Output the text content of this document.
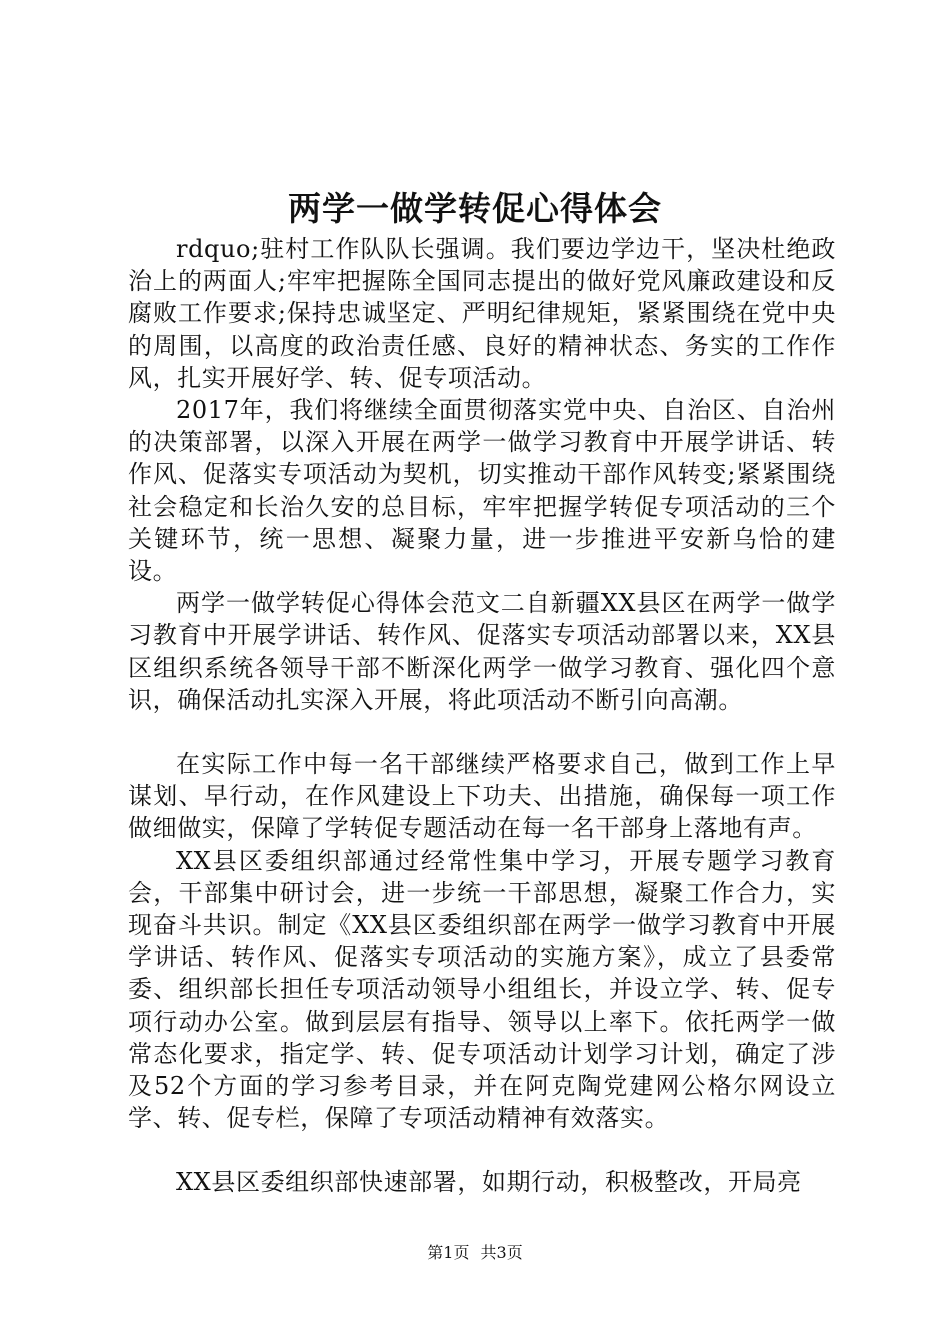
两学一做学转促心得体会

rdquo;驻村工作队队长强调。我们要边学边干，坚决杜绝政治上的两面人;牢牢把握陈全国同志提出的做好党风廉政建设和反腐败工作要求;保持忠诚坚定、严明纪律规矩，紧紧围绕在党中央的周围，以高度的政治责任感、良好的精神状态、务实的工作作风，扎实开展好学、转、促专项活动。

2017年，我们将继续全面贯彻落实党中央、自治区、自治州的决策部署，以深入开展在两学一做学习教育中开展学讲话、转作风、促落实专项活动为契机，切实推动干部作风转变;紧紧围绕社会稳定和长治久安的总目标，牢牢把握学转促专项活动的三个关键环节，统一思想、凝聚力量，进一步推进平安新乌恰的建设。

两学一做学转促心得体会范文二自新疆XX县区在两学一做学习教育中开展学讲话、转作风、促落实专项活动部署以来，XX县区组织系统各领导干部不断深化两学一做学习教育、强化四个意识，确保活动扎实深入开展，将此项活动不断引向高潮。

在实际工作中每一名干部继续严格要求自己，做到工作上早谋划、早行动，在作风建设上下功夫、出措施，确保每一项工作做细做实，保障了学转促专题活动在每一名干部身上落地有声。

XX县区委组织部通过经常性集中学习，开展专题学习教育会，干部集中研讨会，进一步统一干部思想，凝聚工作合力，实现奋斗共识。制定《XX县区委组织部在两学一做学习教育中开展学讲话、转作风、促落实专项活动的实施方案》，成立了县委常委、组织部长担任专项活动领导小组组长，并设立学、转、促专项行动办公室。做到层层有指导、领导以上率下。依托两学一做常态化要求，指定学、转、促专项活动计划学习计划，确定了涉及52个方面的学习参考目录，并在阿克陶党建网公格尔网设立学、转、促专栏，保障了专项活动精神有效落实。

XX县区委组织部快速部署，如期行动，积极整改，开局亮

第1页 共3页
